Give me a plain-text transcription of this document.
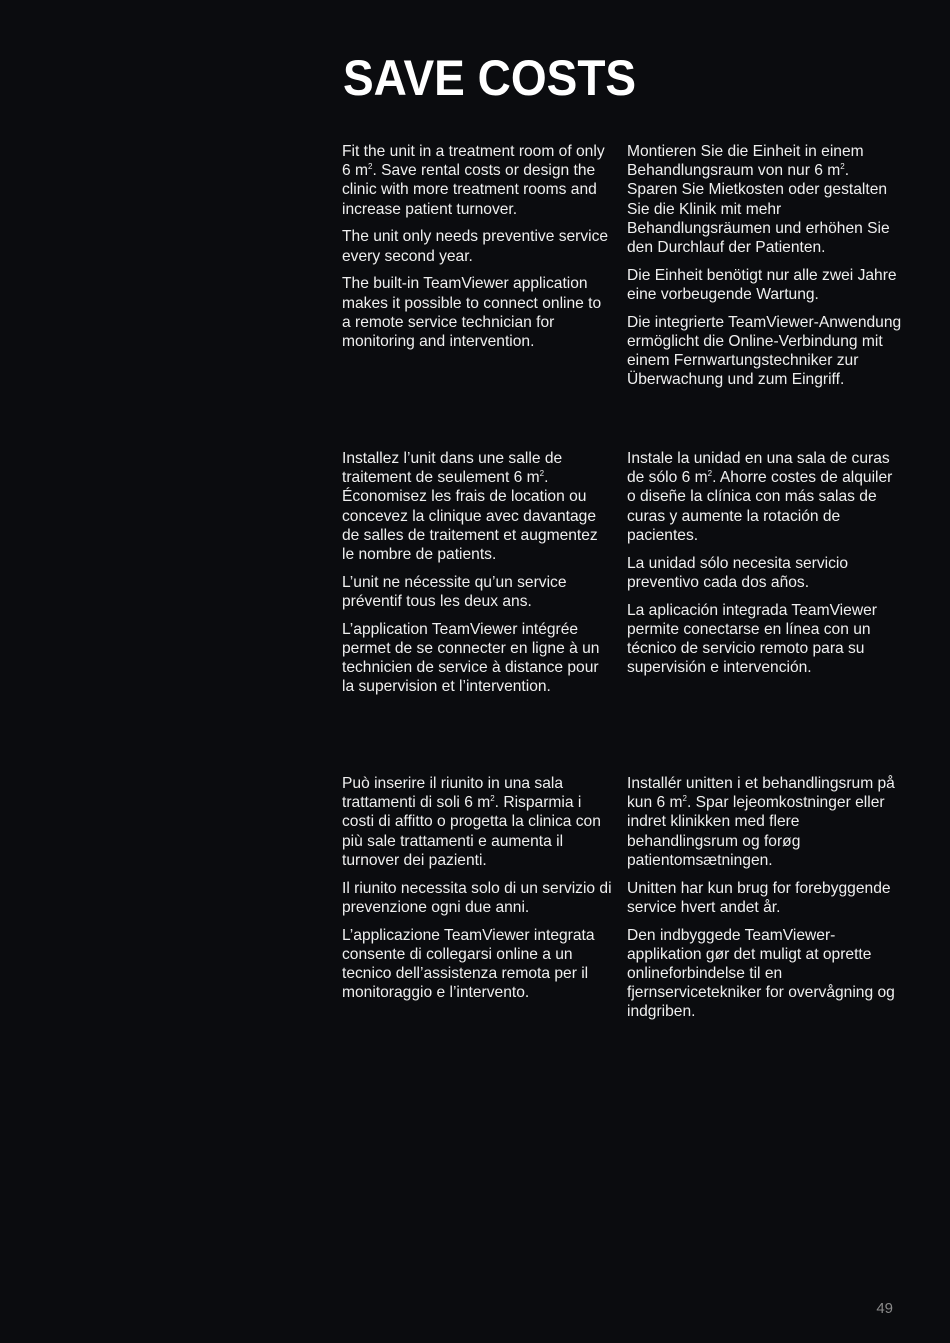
SAVE COSTS

Fit the unit in a treatment room of only 6 $m^2$. Save rental costs or design the clinic with more treatment rooms and increase patient turnover.

The unit only needs preventive service every second year.

The built-in TeamViewer application makes it possible to connect online to a remote service technician for monitoring and intervention.

Montieren Sie die Einheit in einem Behandlungsraum von nur 6 $m^2$. Sparen Sie Mietkosten oder gestalten Sie die Klinik mit mehr Behandlungsräumen und erhöhen Sie den Durchlauf der Patienten.

Die Einheit benötigt nur alle zwei Jahre eine vorbeugende Wartung.

Die integrierte TeamViewer-Anwendung ermöglicht die Online-Verbindung mit einem Fernwartungstechniker zur Überwachung und zum Eingriff.

Installez l’unit dans une salle de traitement de seulement 6 $m^2$. Économisez les frais de location ou concevez la clinique avec davantage de salles de traitement et augmentez le nombre de patients.

L’unit ne nécessite qu’un service préventif tous les deux ans.

L’application TeamViewer intégrée permet de se connecter en ligne à un technicien de service à distance pour la supervision et l’intervention.

Instale la unidad en una sala de curas de sólo 6 $m^2$. Ahorre costes de alquiler o diseñe la clínica con más salas de curas y aumente la rotación de pacientes.

La unidad sólo necesita servicio preventivo cada dos años.

La aplicación integrada TeamViewer permite conectarse en línea con un técnico de servicio remoto para su supervisión e intervención.

Può inserire il riunito in una sala trattamenti di soli 6 $m^2$. Risparmia i costi di affitto o progetta la clinica con più sale trattamenti e aumenta il turnover dei pazienti.

Il riunito necessita solo di un servizio di prevenzione ogni due anni.

L’applicazione TeamViewer integrata consente di collegarsi online a un tecnico dell’assistenza remota per il monitoraggio e l’intervento.

Installér unitten i et behandlingsrum på kun 6 $m^2$. Spar lejeomkostninger eller indret klinikken med flere behandlingsrum og forøg patientomsætningen.

Unitten har kun brug for forebyggende service hvert andet år.

Den indbyggede TeamViewer-applikation gør det muligt at oprette onlineforbindelse til en fjernservicetekniker for overvågning og indgriben.

49
